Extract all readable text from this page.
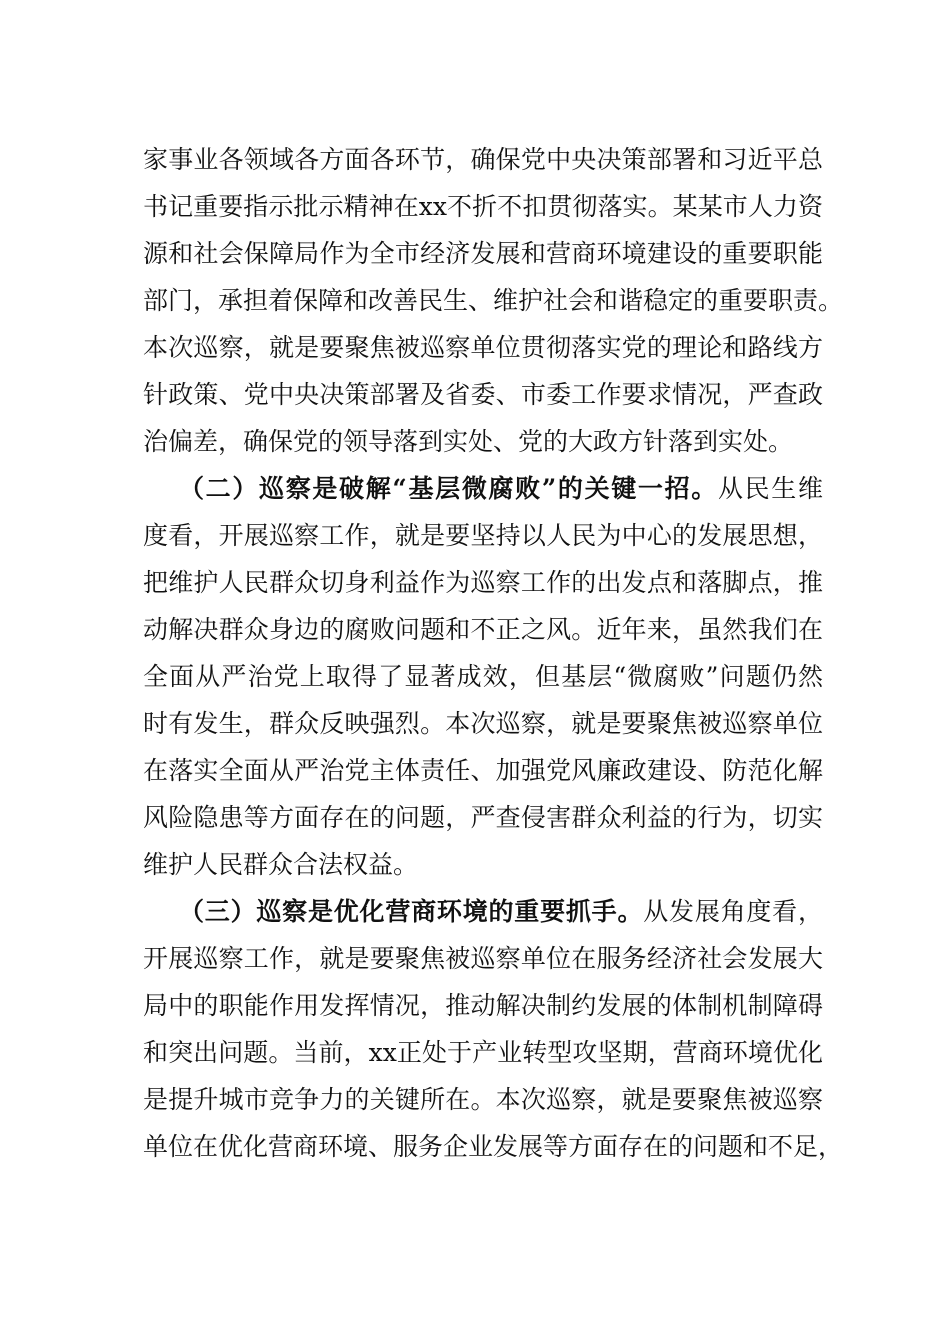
家事业各领域各方面各环节，确保党中央决策部署和习近平总
书记重要指示批示精神在xx不折不扣贯彻落实。某某市人力资
源和社会保障局作为全市经济发展和营商环境建设的重要职能
部门，承担着保障和改善民生、维护社会和谐稳定的重要职责。
本次巡察，就是要聚焦被巡察单位贯彻落实党的理论和路线方
针政策、党中央决策部署及省委、市委工作要求情况，严查政
治偏差，确保党的领导落到实处、党的大政方针落到实处。
（二）巡察是破解“基层微腐败”的关键一招。从民生维
度看，开展巡察工作，就是要坚持以人民为中心的发展思想，
把维护人民群众切身利益作为巡察工作的出发点和落脚点，推
动解决群众身边的腐败问题和不正之风。近年来，虽然我们在
全面从严治党上取得了显著成效，但基层“微腐败”问题仍然
时有发生，群众反映强烈。本次巡察，就是要聚焦被巡察单位
在落实全面从严治党主体责任、加强党风廉政建设、防范化解
风险隐患等方面存在的问题，严查侵害群众利益的行为，切实
维护人民群众合法权益。
（三）巡察是优化营商环境的重要抓手。从发展角度看，
开展巡察工作，就是要聚焦被巡察单位在服务经济社会发展大
局中的职能作用发挥情况，推动解决制约发展的体制机制障碍
和突出问题。当前，xx正处于产业转型攻坚期，营商环境优化
是提升城市竞争力的关键所在。本次巡察，就是要聚焦被巡察
单位在优化营商环境、服务企业发展等方面存在的问题和不足，
